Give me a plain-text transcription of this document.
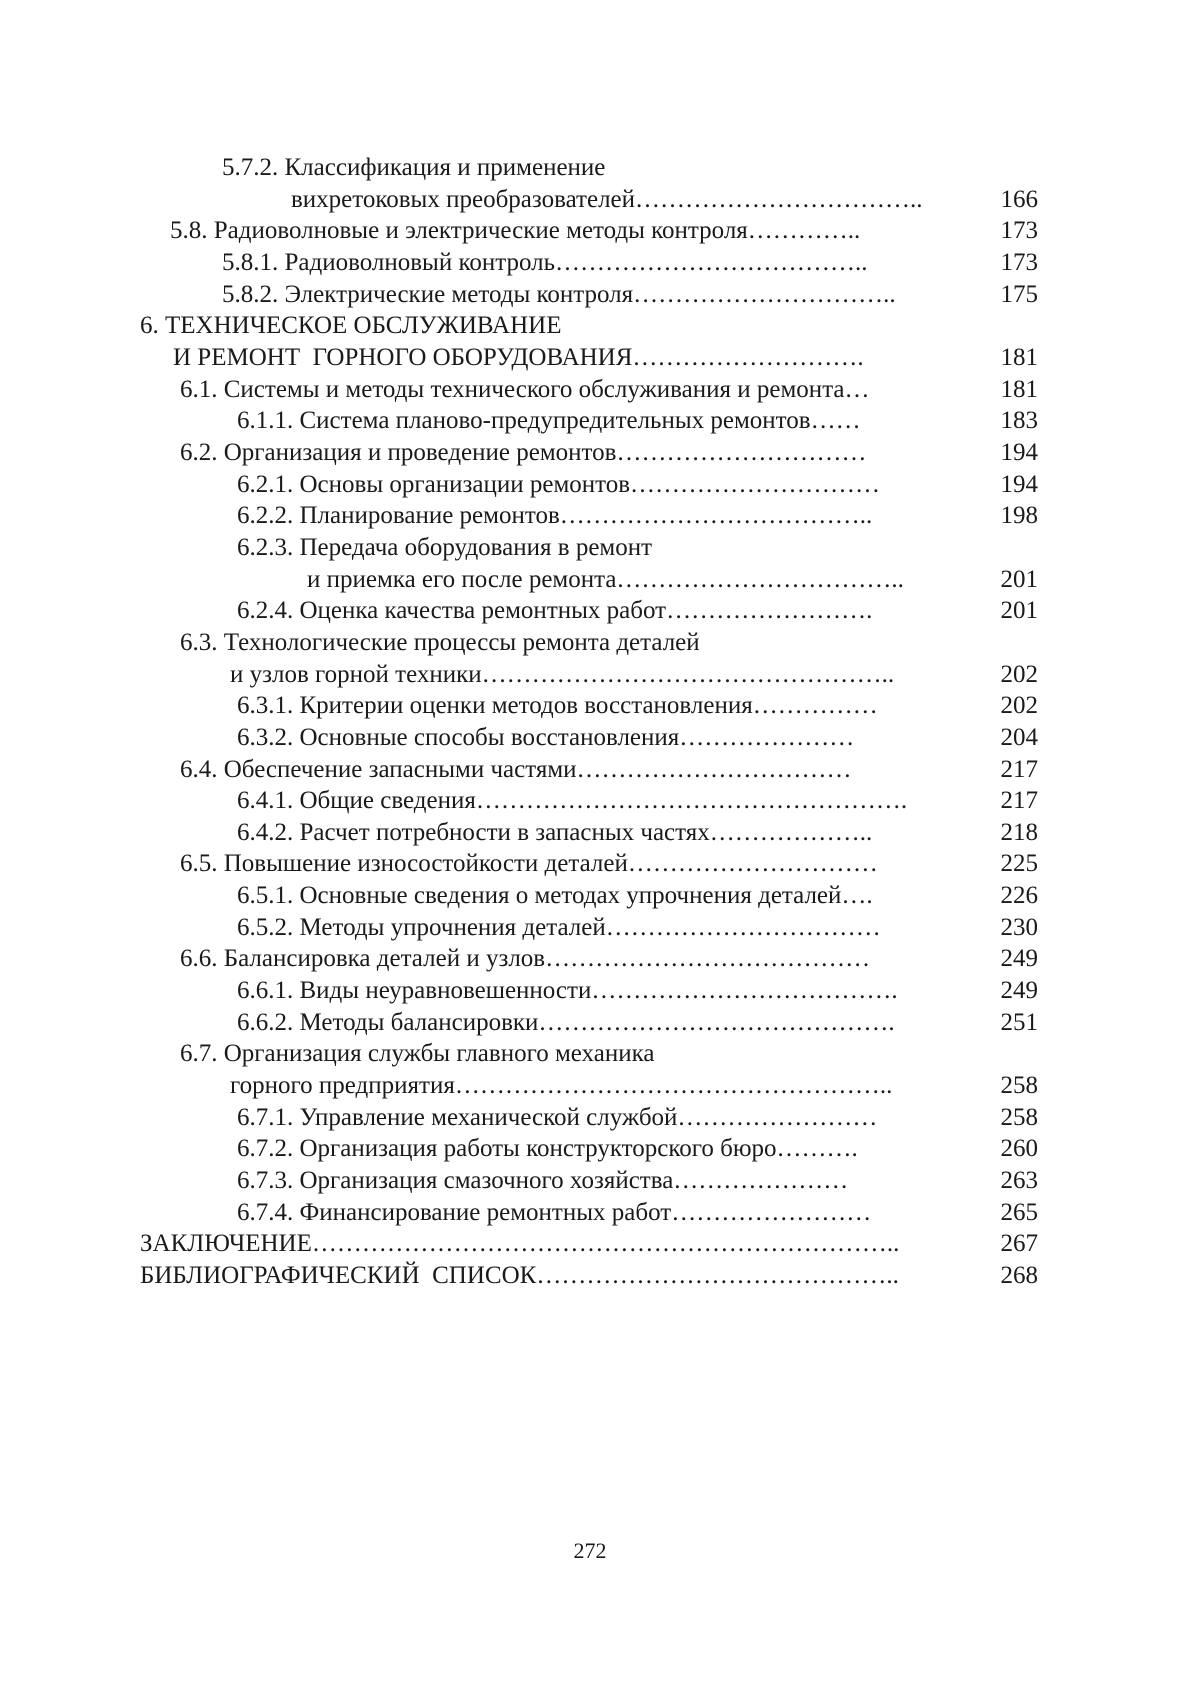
5.7.2. Классификация и применение
вихретоковых преобразователей……………………………..	166
5.8. Радиоволновые и электрические методы контроля…………..	173
5.8.1. Радиоволновый контроль………………………………..	173
5.8.2. Электрические методы контроля…………………………..	175
6. ТЕХНИЧЕСКОЕ ОБСЛУЖИВАНИЕ
И РЕМОНТ  ГОРНОГО ОБОРУДОВАНИЯ……………………….	181
6.1. Системы и методы технического обслуживания и ремонта…	181
6.1.1. Система планово-предупредительных ремонтов……	183
6.2. Организация и проведение ремонтов…………………………	194
6.2.1. Основы организации ремонтов…………………………	194
6.2.2. Планирование ремонтов………………………………..	198
6.2.3. Передача оборудования в ремонт
и приемка его после ремонта……………………………..	201
6.2.4. Оценка качества ремонтных работ…………………….	201
6.3. Технологические процессы ремонта деталей
и узлов горной техники…………………………………………..	202
6.3.1. Критерии оценки методов восстановления……………	202
6.3.2. Основные способы восстановления…………………	204
6.4. Обеспечение запасными частями……………………………	217
6.4.1. Общие сведения…………………………………………….	217
6.4.2. Расчет потребности в запасных частях………………..	218
6.5. Повышение износостойкости деталей…………………………	225
6.5.1. Основные сведения о методах упрочнения деталей….	226
6.5.2. Методы упрочнения деталей……………………………	230
6.6. Балансировка деталей и узлов…………………………………	249
6.6.1. Виды неуравновешенности……………………………….	249
6.6.2. Методы балансировки…………………………………….	251
6.7. Организация службы главного механика
горного предприятия……………………………………………..	258
6.7.1. Управление механической службой……………………	258
6.7.2. Организация работы конструкторского бюро……….	260
6.7.3. Организация смазочного хозяйства…………………	263
6.7.4. Финансирование ремонтных работ……………………	265
ЗАКЛЮЧЕНИЕ……………………………………………………………..	267
БИБЛИОГРАФИЧЕСКИЙ  СПИСОК……………………………………..	268
272
